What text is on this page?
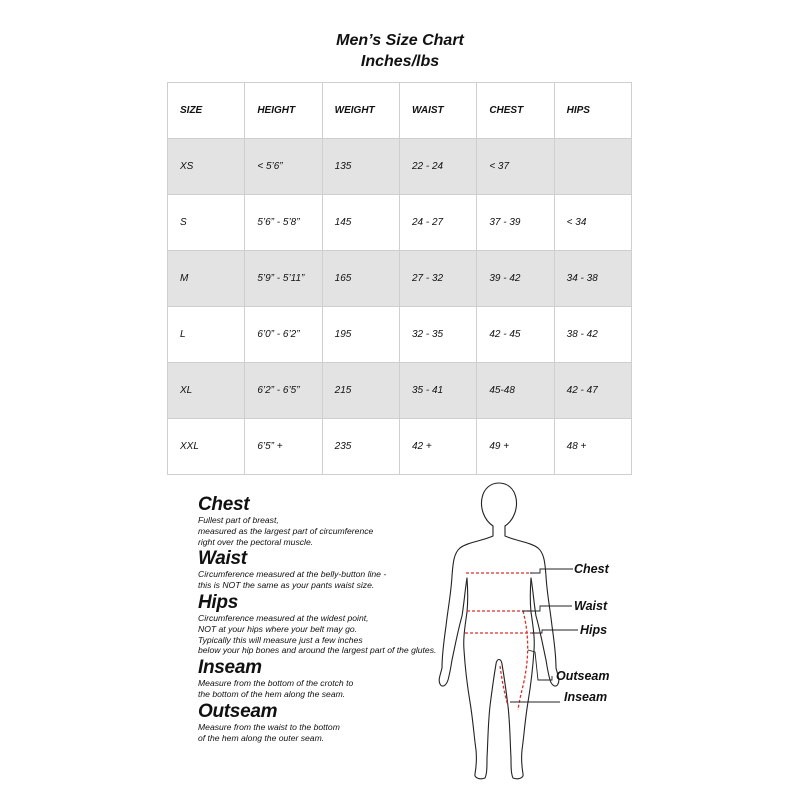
Men’s Size Chart
Inches/lbs
SIZE	HEIGHT	WEIGHT	WAIST	CHEST	HIPS
XS	< 5’6”	135	22 - 24	< 37	
S	5’6” - 5’8”	145	24 - 27	37 - 39	< 34
M	5’9” - 5’11”	165	27 - 32	39 - 42	34 - 38
L	6’0” - 6’2”	195	32 - 35	42 - 45	38 - 42
XL	6’2” - 6’5”	215	35 - 41	45-48	42 - 47
XXL	6’5” +	235	42 +	49 +	48 +

Chest

Fullest part of breast,

measured as the largest part of circumference

right over the pectoral muscle.

Waist

Circumference measured at the belly-button line -

this is NOT the same as your pants waist size.

Hips

Circumference measured at the widest point,

NOT at your hips where your belt may go.

Typically this will measure just a few inches

below your hip bones and around the largest part of the glutes.

Inseam

Measure from the bottom of the crotch to

the bottom of the hem along the seam.

Outseam

Measure from the waist to the bottom

of the hem along the outer seam.

Chest
Waist
Hips
Outseam
Inseam
